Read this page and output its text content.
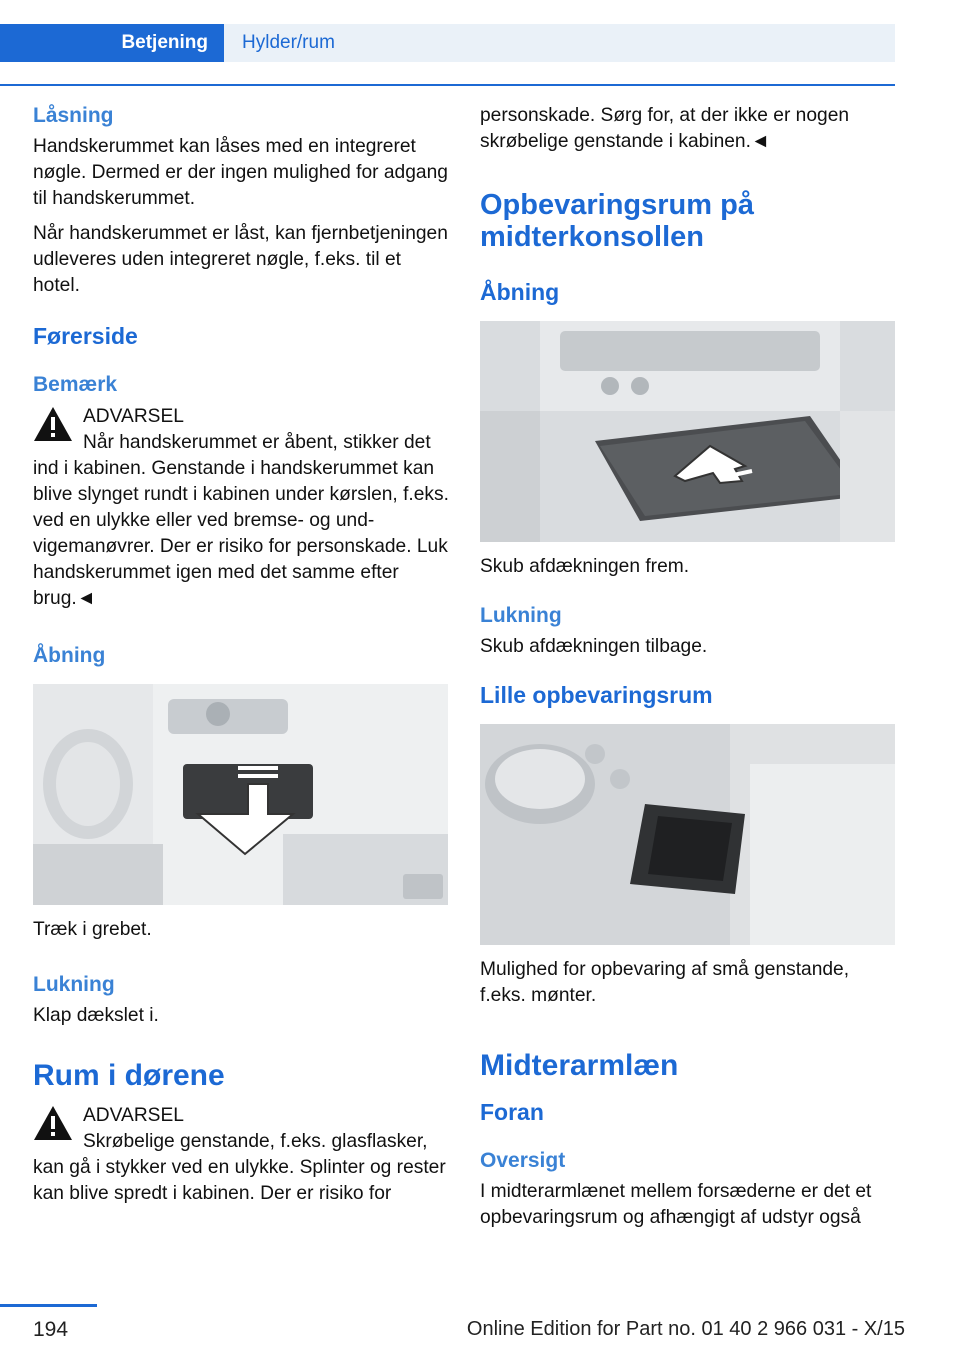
Betjening	Hylder/rum
Låsning

Handskerummet kan låses med en integreret nøgle. Dermed er der ingen mulighed for adgang til handskerummet.

Når handskerummet er låst, kan fjernbetjeningen udleveres uden integreret nøgle, f.eks. til et hotel.

Førerside
Bemærk

ADVARSEL

Når handskerummet er åbent, stikker det ind i kabinen. Genstande i handskerummet kan blive slynget rundt i kabinen under kørslen, f.eks. ved en ulykke eller ved bremse- og undvigemanøvrer. Der er risiko for personskade. Luk handskerummet igen med det samme efter brug.◄

Åbning

Træk i grebet.

Lukning

Klap dækslet i.

Rum i dørene

ADVARSEL

Skrøbelige genstande, f.eks. glasflasker, kan gå i stykker ved en ulykke. Splinter og rester kan blive spredt i kabinen. Der er risiko for

personskade. Sørg for, at der ikke er nogen skrøbelige genstande i kabinen.◄

Opbevaringsrum på midterkonsollen
Åbning

Skub afdækningen frem.

Lukning

Skub afdækningen tilbage.

Lille opbevaringsrum

Mulighed for opbevaring af små genstande, f.eks. mønter.

Midterarmlæn
Foran
Oversigt

I midterarmlænet mellem forsæderne er det et opbevaringsrum og afhængigt af udstyr også

194	Online Edition for Part no. 01 40 2 966 031 - X/15
